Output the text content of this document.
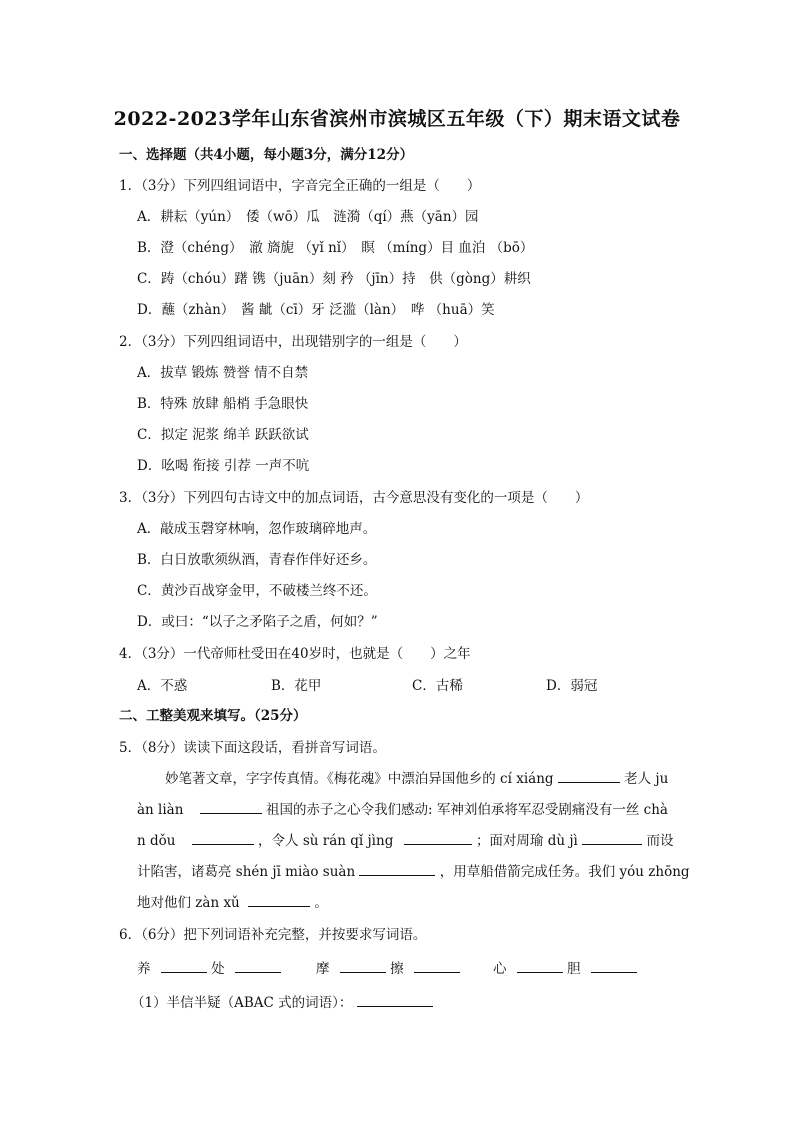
2022-2023学年山东省滨州市滨城区五年级（下）期末语文试卷
一、选择题（共4小题，每小题3分，满分12分）
1．（3分）下列四组词语中，字音完全正确的一组是（　　）
A．耕耘（yún）　倭（wō）瓜　涟漪（qí）燕（yān）园
B．澄（chéng）　澈 旖旎 （yǐ nǐ）　瞑 （míng）目 血泊 （bō）
C．踌（chóu）躇 镌（juān）刻 矜 （jīn）持　供（gòng）耕织
D．蘸（zhàn）　酱 龇（cī）牙 泛滥（làn）　哗 （huā）笑
2．（3分）下列四组词语中，出现错别字的一组是（　　）
A．拔草 锻炼 赞誉 情不自禁
B．特殊 放肆 船梢 手急眼快
C．拟定 泥浆 绵羊 跃跃欲试
D．吆喝 衔接 引荐 一声不吭
3．（3分）下列四句古诗文中的加点词语，古今意思没有变化的一项是（　　）
A．敲成玉磬穿林响，忽作玻璃碎地声。
B．白日放歌须纵酒，青春作伴好还乡。
C．黄沙百战穿金甲，不破楼兰终不还。
D．或曰：“以子之矛陷子之盾，何如？”
4．（3分）一代帝师杜受田在40岁时，也就是（　　）之年
A．不惑	B．花甲	C．古稀	D．弱冠
二、工整美观来填写。（25分）
5．（8分）读读下面这段话，看拼音写词语。
妙笔著文章，字字传真情。《梅花魂》中漂泊异国他乡的 cí xiáng	老人 ju
àn liàn	祖国的赤子之心令我们感动: 军神刘伯承将军忍受剧痛没有一丝 chà
n dǒu	，令人 sù rán qǐ jìng	；面对周瑜 dù jì	而设
计陷害，诸葛亮 shén jī miào suàn	，用草船借箭完成任务。我们 yóu zhōng
地对他们 zàn xǔ	。
6．（6分）把下列词语补充完整，并按要求写词语。
养	处	摩	擦	心	胆
（1）半信半疑（ABAC 式的词语）：
